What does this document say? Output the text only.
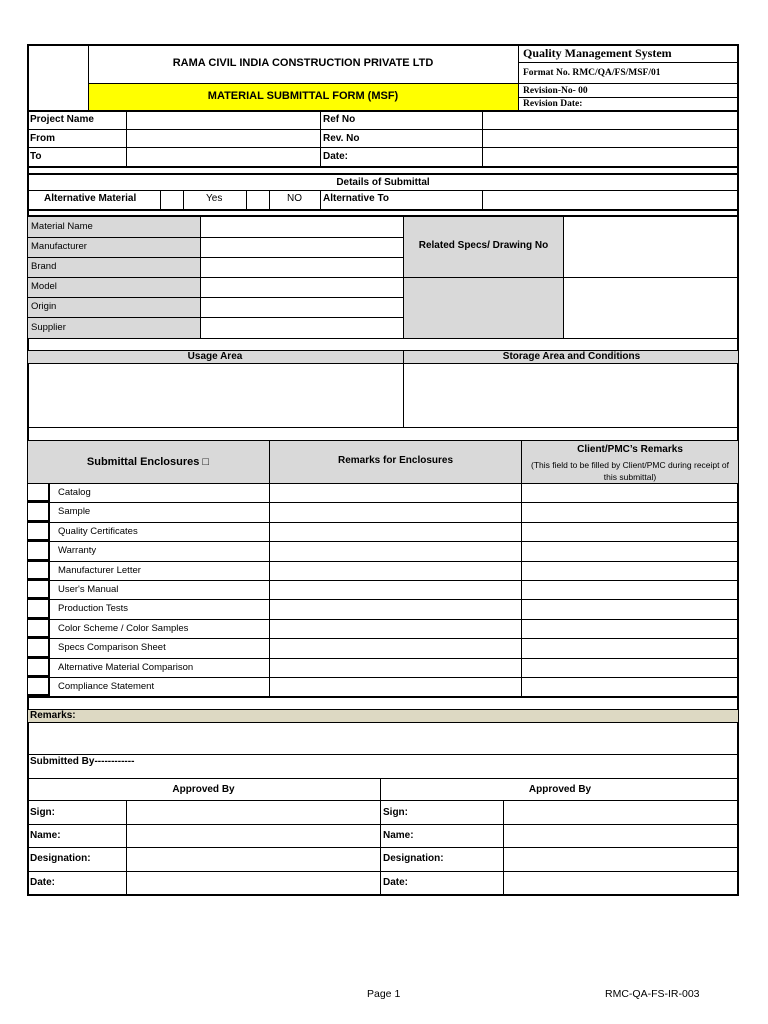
RAMA CIVIL INDIA CONSTRUCTION PRIVATE LTD
MATERIAL SUBMITTAL FORM (MSF)
Quality Management System
Format No. RMC/QA/FS/MSF/01
Revision-No- 00
Revision Date:
Project Name
From
To
Ref No
Rev. No
Date:
Details of Submittal
Alternative Material	Yes	NO Alternative To
Material Name
Manufacturer
Brand
Model
Origin
Supplier
Related Specs/ Drawing No
Usage Area	Storage Area and Conditions
Submittal Enclosures □	Remarks for Enclosures
Client/PMC’s Remarks
(This field to be filled by Client/PMC during receipt of
this submittal)
Catalog
Sample
Quality Certificates
Warranty
Manufacturer Letter
User's Manual
Production Tests
Color Scheme / Color Samples
Specs Comparison Sheet
Alternative Material Comparison
Compliance Statement
Remarks:
Submitted By------------
Approved By	Approved By
Sign:
Name:
Designation:
Date:
Sign:
Name:
Designation:
Date:
Page 1	RMC-QA-FS-IR-003
